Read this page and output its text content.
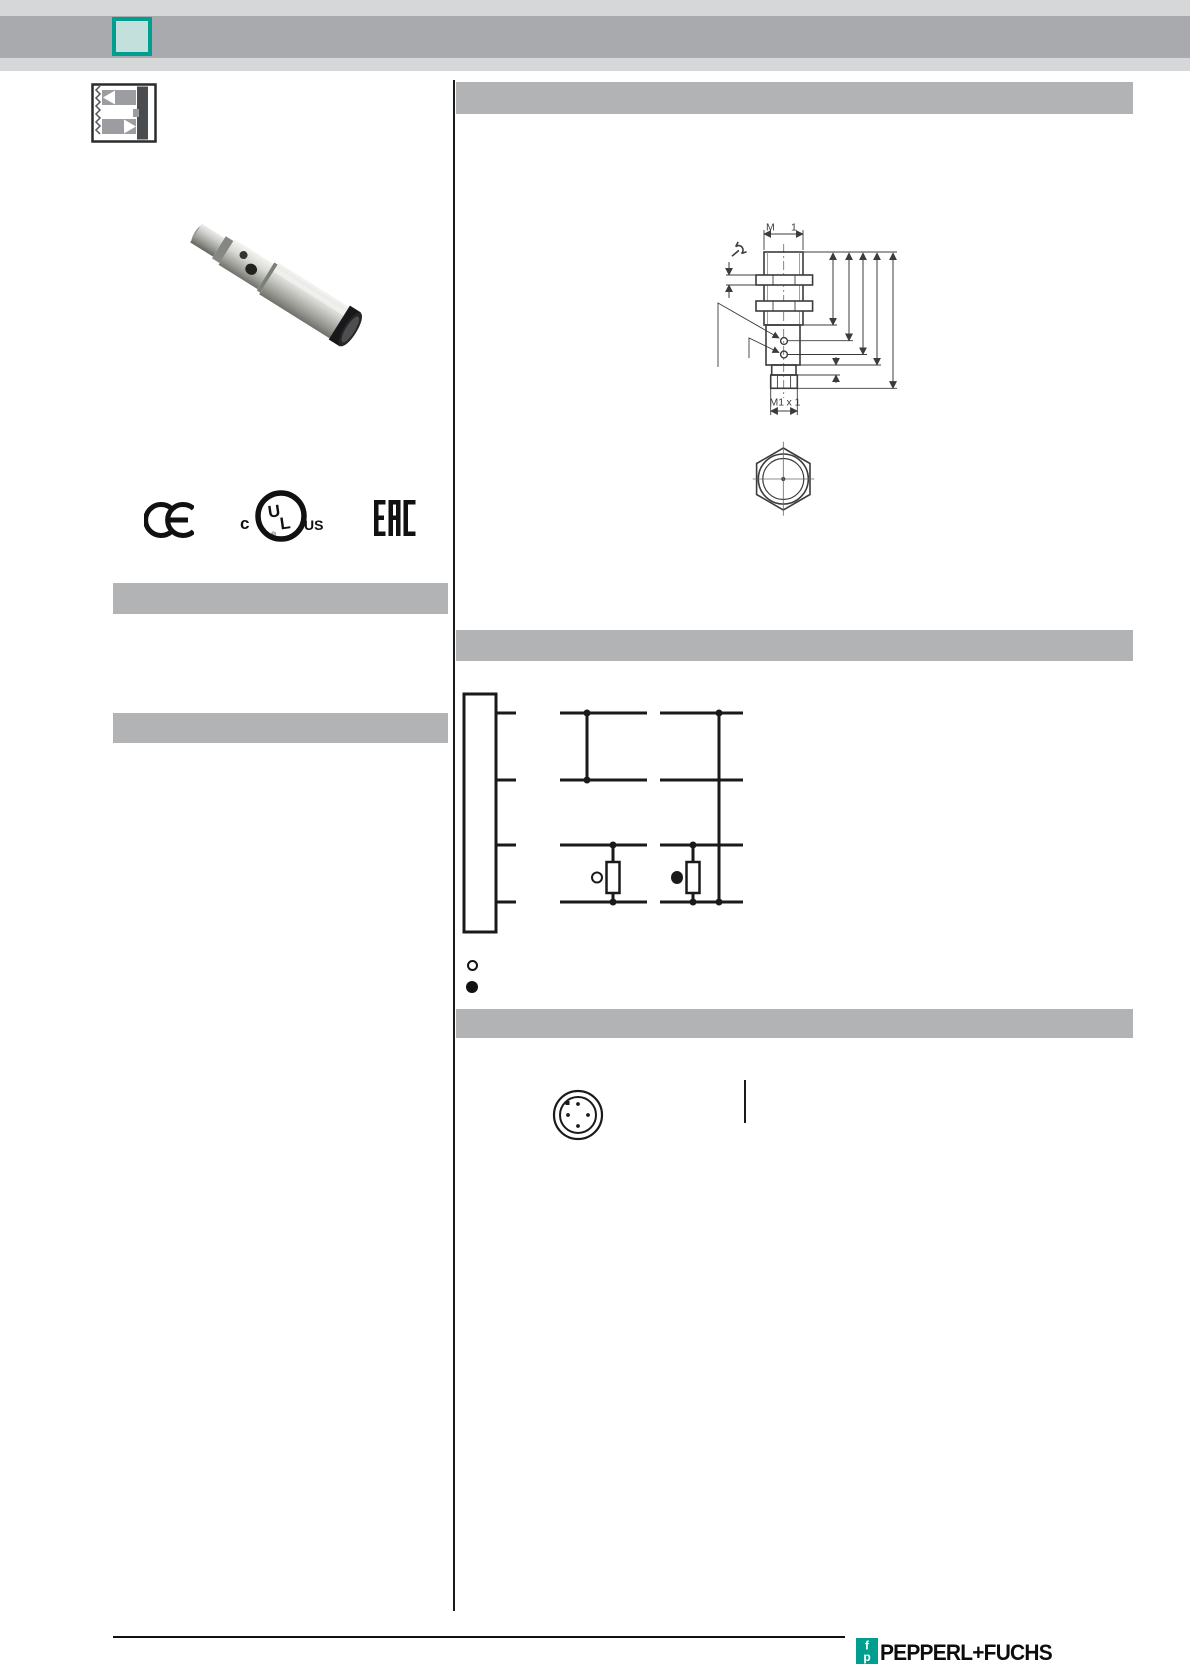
c	US
U
L
®
M 1
M1 x 1
f
p PEPPERL+FUCHS
